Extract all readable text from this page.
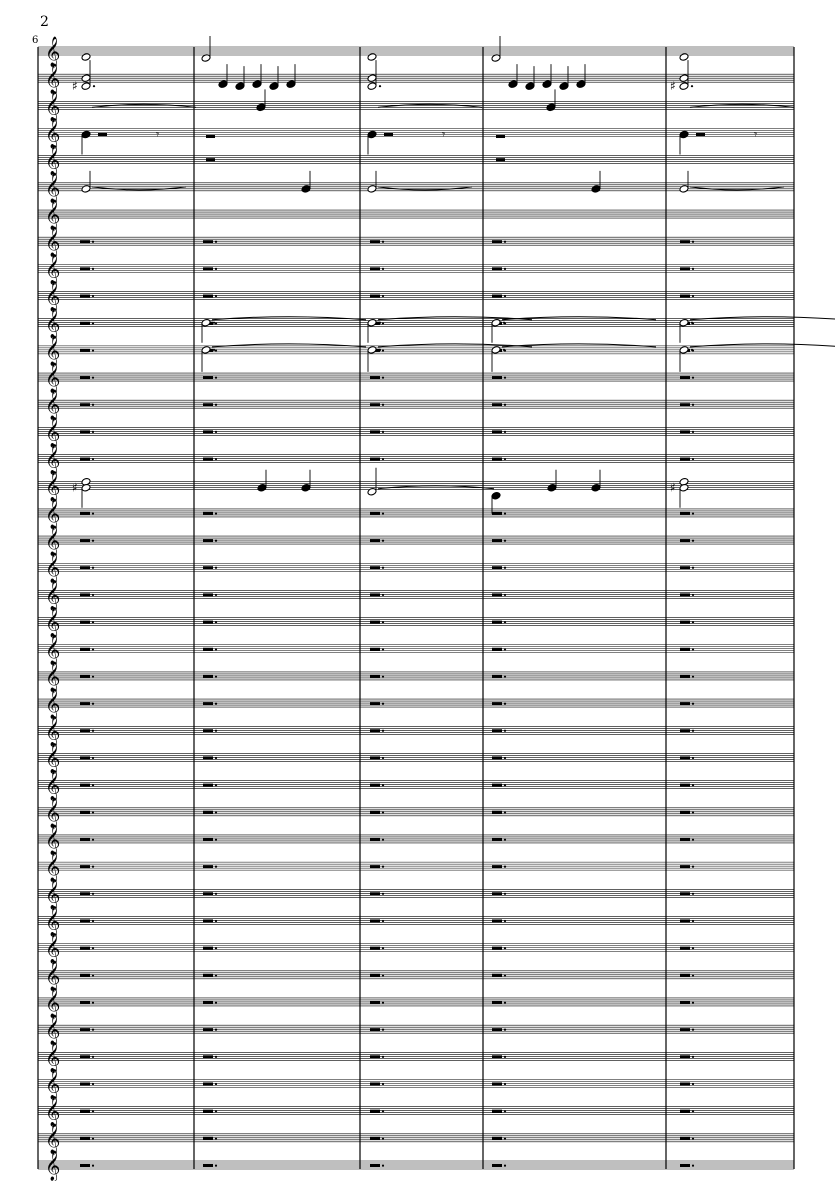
2
6 𝄞
𝄞
𝄞
𝄞
𝄞
𝄞
𝄞
𝄞
𝄞
𝄞
𝄞
𝄞
𝄞
𝄞
𝄞
𝄞
𝄞
𝄞
𝄞
𝄞
𝄞
𝄞
𝄞
𝄞
𝄞
𝄞
𝄞
𝄞
𝄞
𝄞
𝄞
𝄞
𝄞
𝄞
𝄞
𝄞
𝄞
𝄞
𝄞
𝄞
𝄞
𝄞
♯	♯
𝄾	𝄾	𝄾
♯	♯
